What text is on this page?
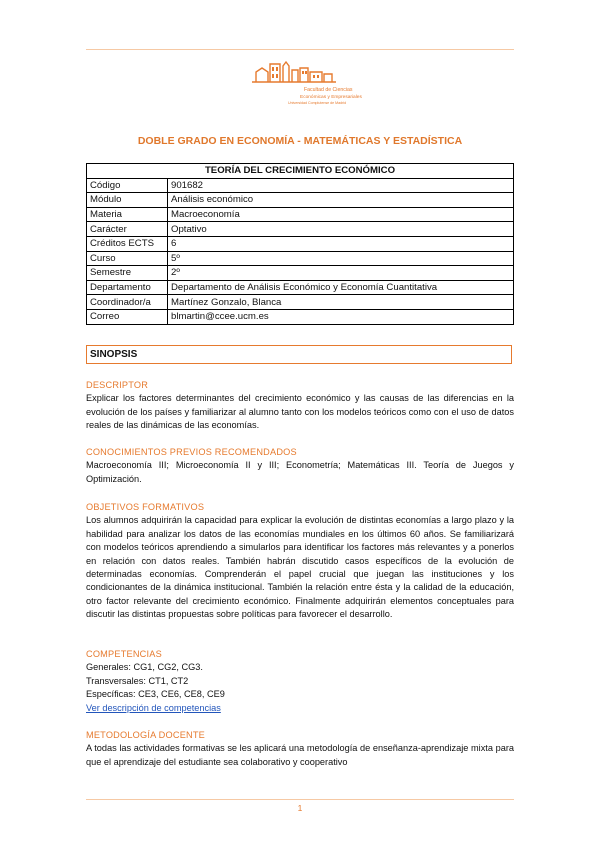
Facultad de Ciencias
Económicas y Empresariales
Universidad Complutense de Madrid
DOBLE GRADO EN ECONOMÍA - MATEMÁTICAS Y ESTADÍSTICA
TEORÍA DEL CRECIMIENTO ECONÓMICO	
Código	901682
Módulo	Análisis económico
Materia	Macroeconomía
Carácter	Optativo
Créditos ECTS	6
Curso	5º
Semestre	2º
Departamento	Departamento de Análisis Económico y Economía Cuantitativa
Coordinador/a	Martínez Gonzalo, Blanca
Correo	blmartin@ccee.ucm.es
SINOPSIS
DESCRIPTOR
Explicar los factores determinantes del crecimiento económico y las causas de las diferencias en la evolución de los países y familiarizar al alumno tanto con los modelos teóricos como con el uso de datos reales de las dinámicas de las economías.
CONOCIMIENTOS PREVIOS RECOMENDADOS
Macroeconomía III; Microeconomía II y III; Econometría; Matemáticas III. Teoría de Juegos y Optimización.
OBJETIVOS FORMATIVOS
Los alumnos adquirirán la capacidad para explicar la evolución de distintas economías a largo plazo y la habilidad para analizar los datos de las economías mundiales en los últimos 60 años. Se familiarizará con modelos teóricos aprendiendo a simularlos para identificar los factores más relevantes y a ponerlos en relación con datos reales. También habrán discutido casos específicos de la evolución de determinadas economías. Comprenderán el papel crucial que juegan las instituciones y los condicionantes de la dinámica institucional. También la relación entre ésta y la calidad de la educación, otro factor relevante del crecimiento económico. Finalmente adquirirán elementos conceptuales para discutir las distintas propuestas sobre políticas para favorecer el desarrollo.
COMPETENCIAS
Generales: CG1, CG2, CG3.
Transversales: CT1, CT2
Específicas: CE3, CE6, CE8, CE9
Ver descripción de competencias
METODOLOGÍA DOCENTE
A todas las actividades formativas se les aplicará una metodología de enseñanza-aprendizaje mixta para que el aprendizaje del estudiante sea colaborativo y cooperativo
1
